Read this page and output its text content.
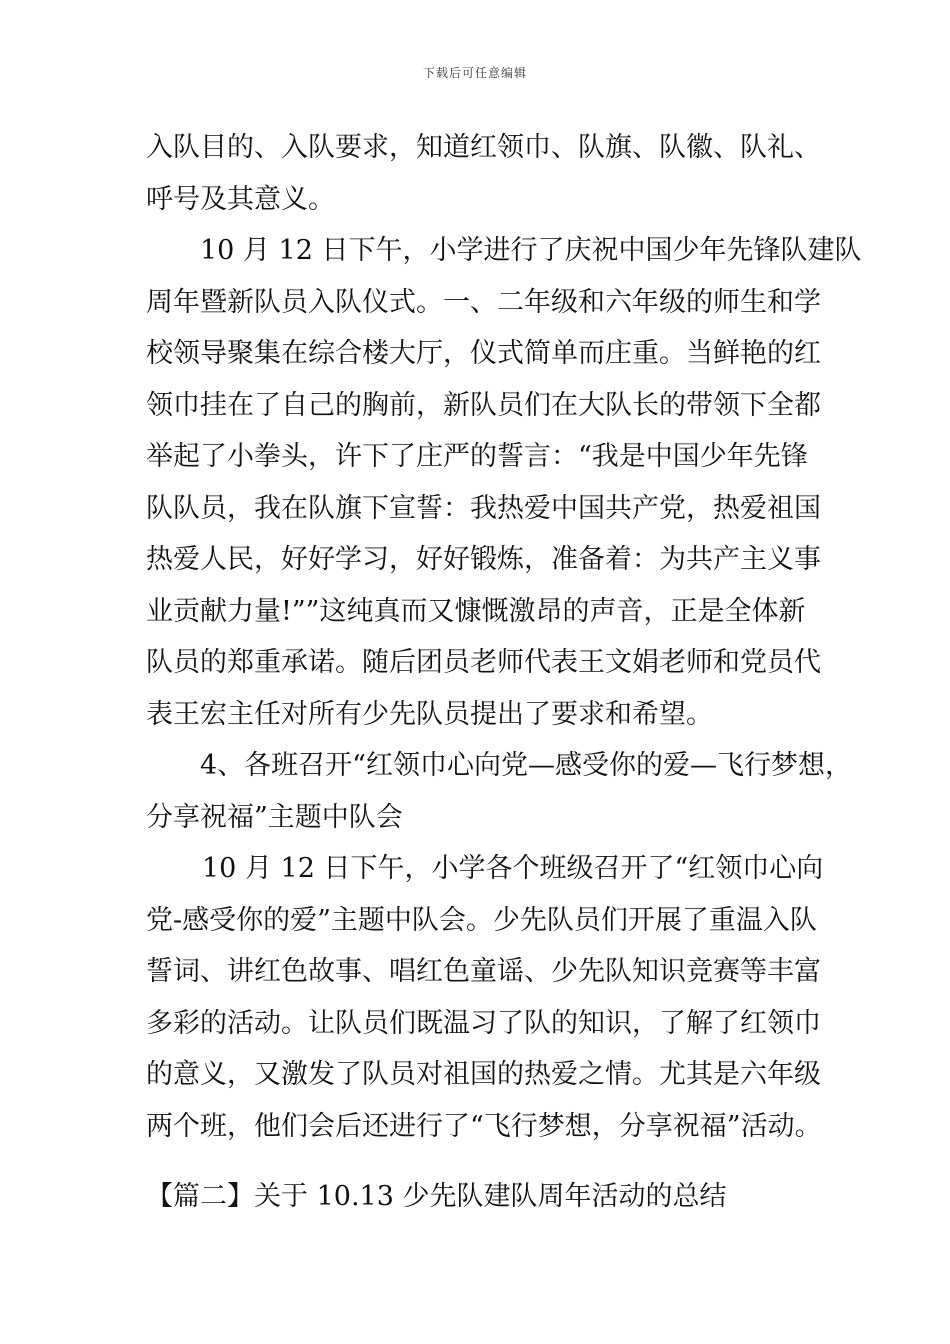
下载后可任意编辑
入队目的、入队要求，知道红领巾、队旗、队徽、队礼、
呼号及其意义。
10 月 12 日下午，小学进行了庆祝中国少年先锋队建队
周年暨新队员入队仪式。一、二年级和六年级的师生和学
校领导聚集在综合楼大厅，仪式简单而庄重。当鲜艳的红
领巾挂在了自己的胸前，新队员们在大队长的带领下全都
举起了小拳头，许下了庄严的誓言：“我是中国少年先锋
队队员，我在队旗下宣誓：我热爱中国共产党，热爱祖国
热爱人民，好好学习，好好锻炼，准备着：为共产主义事
业贡献力量!””这纯真而又慷慨激昂的声音，正是全体新
队员的郑重承诺。随后团员老师代表王文娟老师和党员代
表王宏主任对所有少先队员提出了要求和希望。
4、各班召开“红领巾心向党—感受你的爱—飞行梦想，
分享祝福”主题中队会
10 月 12 日下午，小学各个班级召开了“红领巾心向
党-感受你的爱”主题中队会。少先队员们开展了重温入队
誓词、讲红色故事、唱红色童谣、少先队知识竞赛等丰富
多彩的活动。让队员们既温习了队的知识，了解了红领巾
的意义，又激发了队员对祖国的热爱之情。尤其是六年级
两个班，他们会后还进行了“飞行梦想，分享祝福”活动。
【篇二】关于 10.13 少先队建队周年活动的总结
